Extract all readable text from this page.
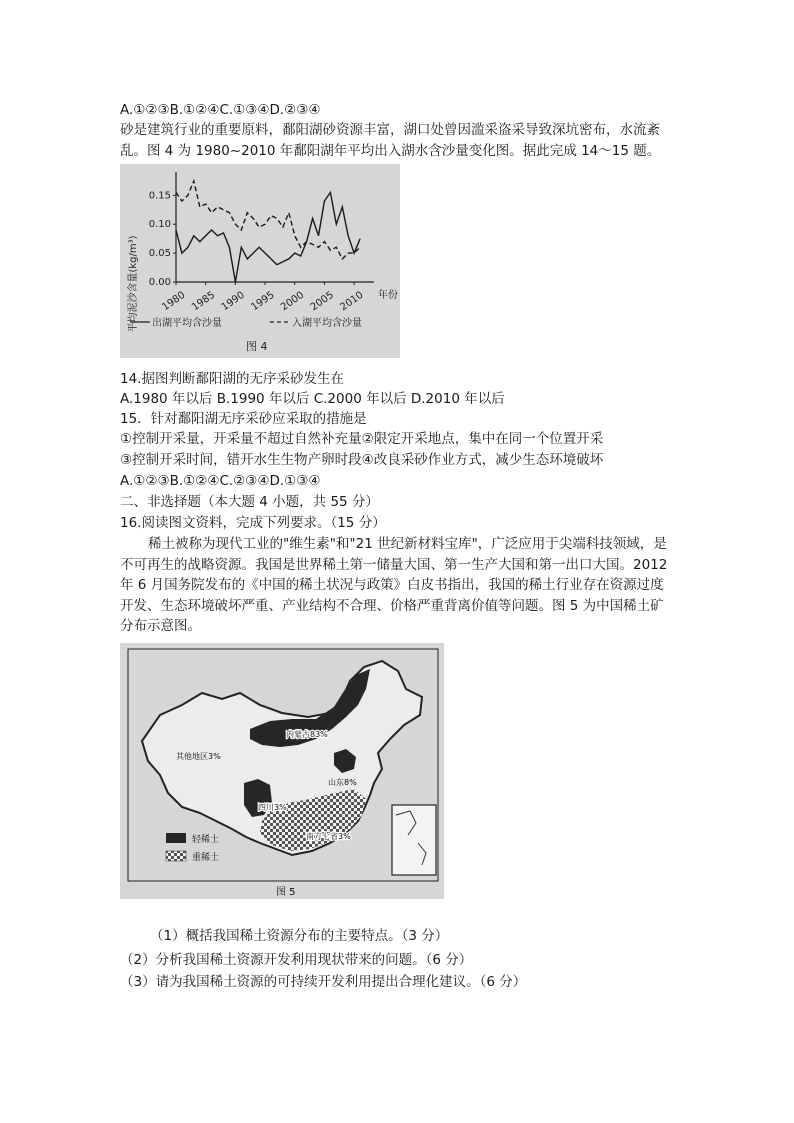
A.①②③B.①②④C.①③④D.②③④
砂是建筑行业的重要原料，鄱阳湖砂资源丰富，湖口处曾因滥采盗采导致深坑密布，水流紊乱。图 4 为 1980~2010 年鄱阳湖年平均出入湖水含沙量变化图。据此完成 14～15 题。
平均泥沙含量(kg/m³) 0.00
0.05
0.10
0.15
1980 1985 1990 1995 2000 2005 2010 年份
出湖平均含沙量	入湖平均含沙量
图 4
14.据图判断鄱阳湖的无序采砂发生在
A.1980 年以后 B.1990 年以后 C.2000 年以后 D.2010 年以后
15．针对鄱阳湖无序采砂应采取的措施是
①控制开采量，开采量不超过自然补充量②限定开采地点，集中在同一个位置开采
③控制开采时间，错开水生生物产卵时段④改良采砂作业方式，减少生态环境破坏
A.①②③B.①②④C.②③④D.①③④
二、非选择题（本大题 4 小题，共 55 分）
16.阅读图文资料，完成下列要求。（15 分）
稀土被称为现代工业的"维生素"和"21 世纪新材料宝库"，广泛应用于尖端科技领域，是不可再生的战略资源。我国是世界稀土第一储量大国、第一生产大国和第一出口大国。2012 年 6 月国务院发布的《中国的稀土状况与政策》白皮书指出，我国的稀土行业存在资源过度开发、生态环境破坏严重、产业结构不合理、价格严重背离价值等问题。图 5 为中国稀土矿分布示意图。
内蒙古83%
其他地区3%
山东8%
四川3%
南方七省3%
轻稀土
重稀土
图 5
（1）概括我国稀土资源分布的主要特点。（3 分）
（2）分析我国稀土资源开发利用现状带来的问题。（6 分）
（3）请为我国稀土资源的可持续开发利用提出合理化建议。（6 分）
